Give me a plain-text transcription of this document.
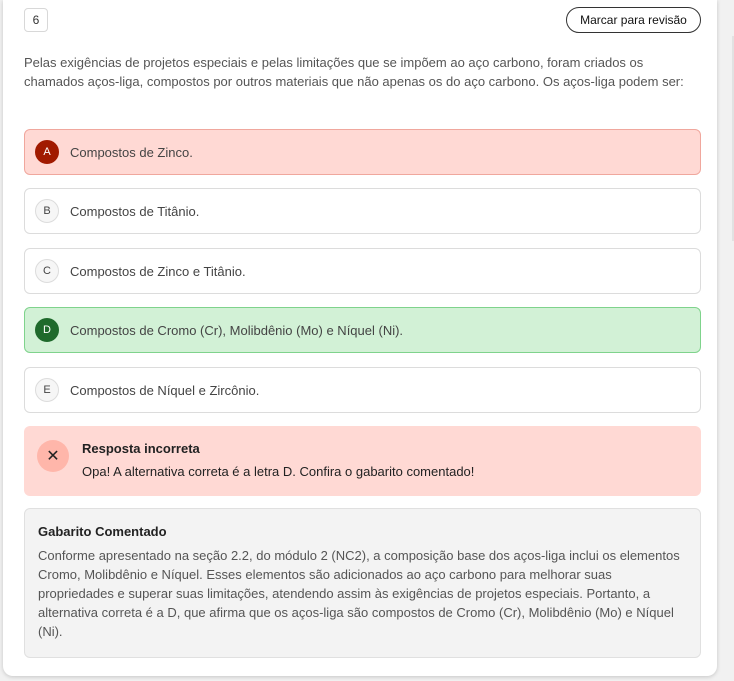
6	Marcar para revisão
Pelas exigências de projetos especiais e pelas limitações que se impõem ao aço carbono, foram criados os chamados aços-liga, compostos por outros materiais que não apenas os do aço carbono. Os aços-liga podem ser:
A	Compostos de Zinco.
B	Compostos de Titânio.
C	Compostos de Zinco e Titânio.
D	Compostos de Cromo (Cr), Molibdênio (Mo) e Níquel (Ni).
E	Compostos de Níquel e Zircônio.
✕	Resposta incorreta
Opa! A alternativa correta é a letra D. Confira o gabarito comentado!
Gabarito Comentado
Conforme apresentado na seção 2.2, do módulo 2 (NC2), a composição base dos aços-liga inclui os elementos Cromo, Molibdênio e Níquel. Esses elementos são adicionados ao aço carbono para melhorar suas propriedades e superar suas limitações, atendendo assim às exigências de projetos especiais. Portanto, a alternativa correta é a D, que afirma que os aços-liga são compostos de Cromo (Cr), Molibdênio (Mo) e Níquel (Ni).
